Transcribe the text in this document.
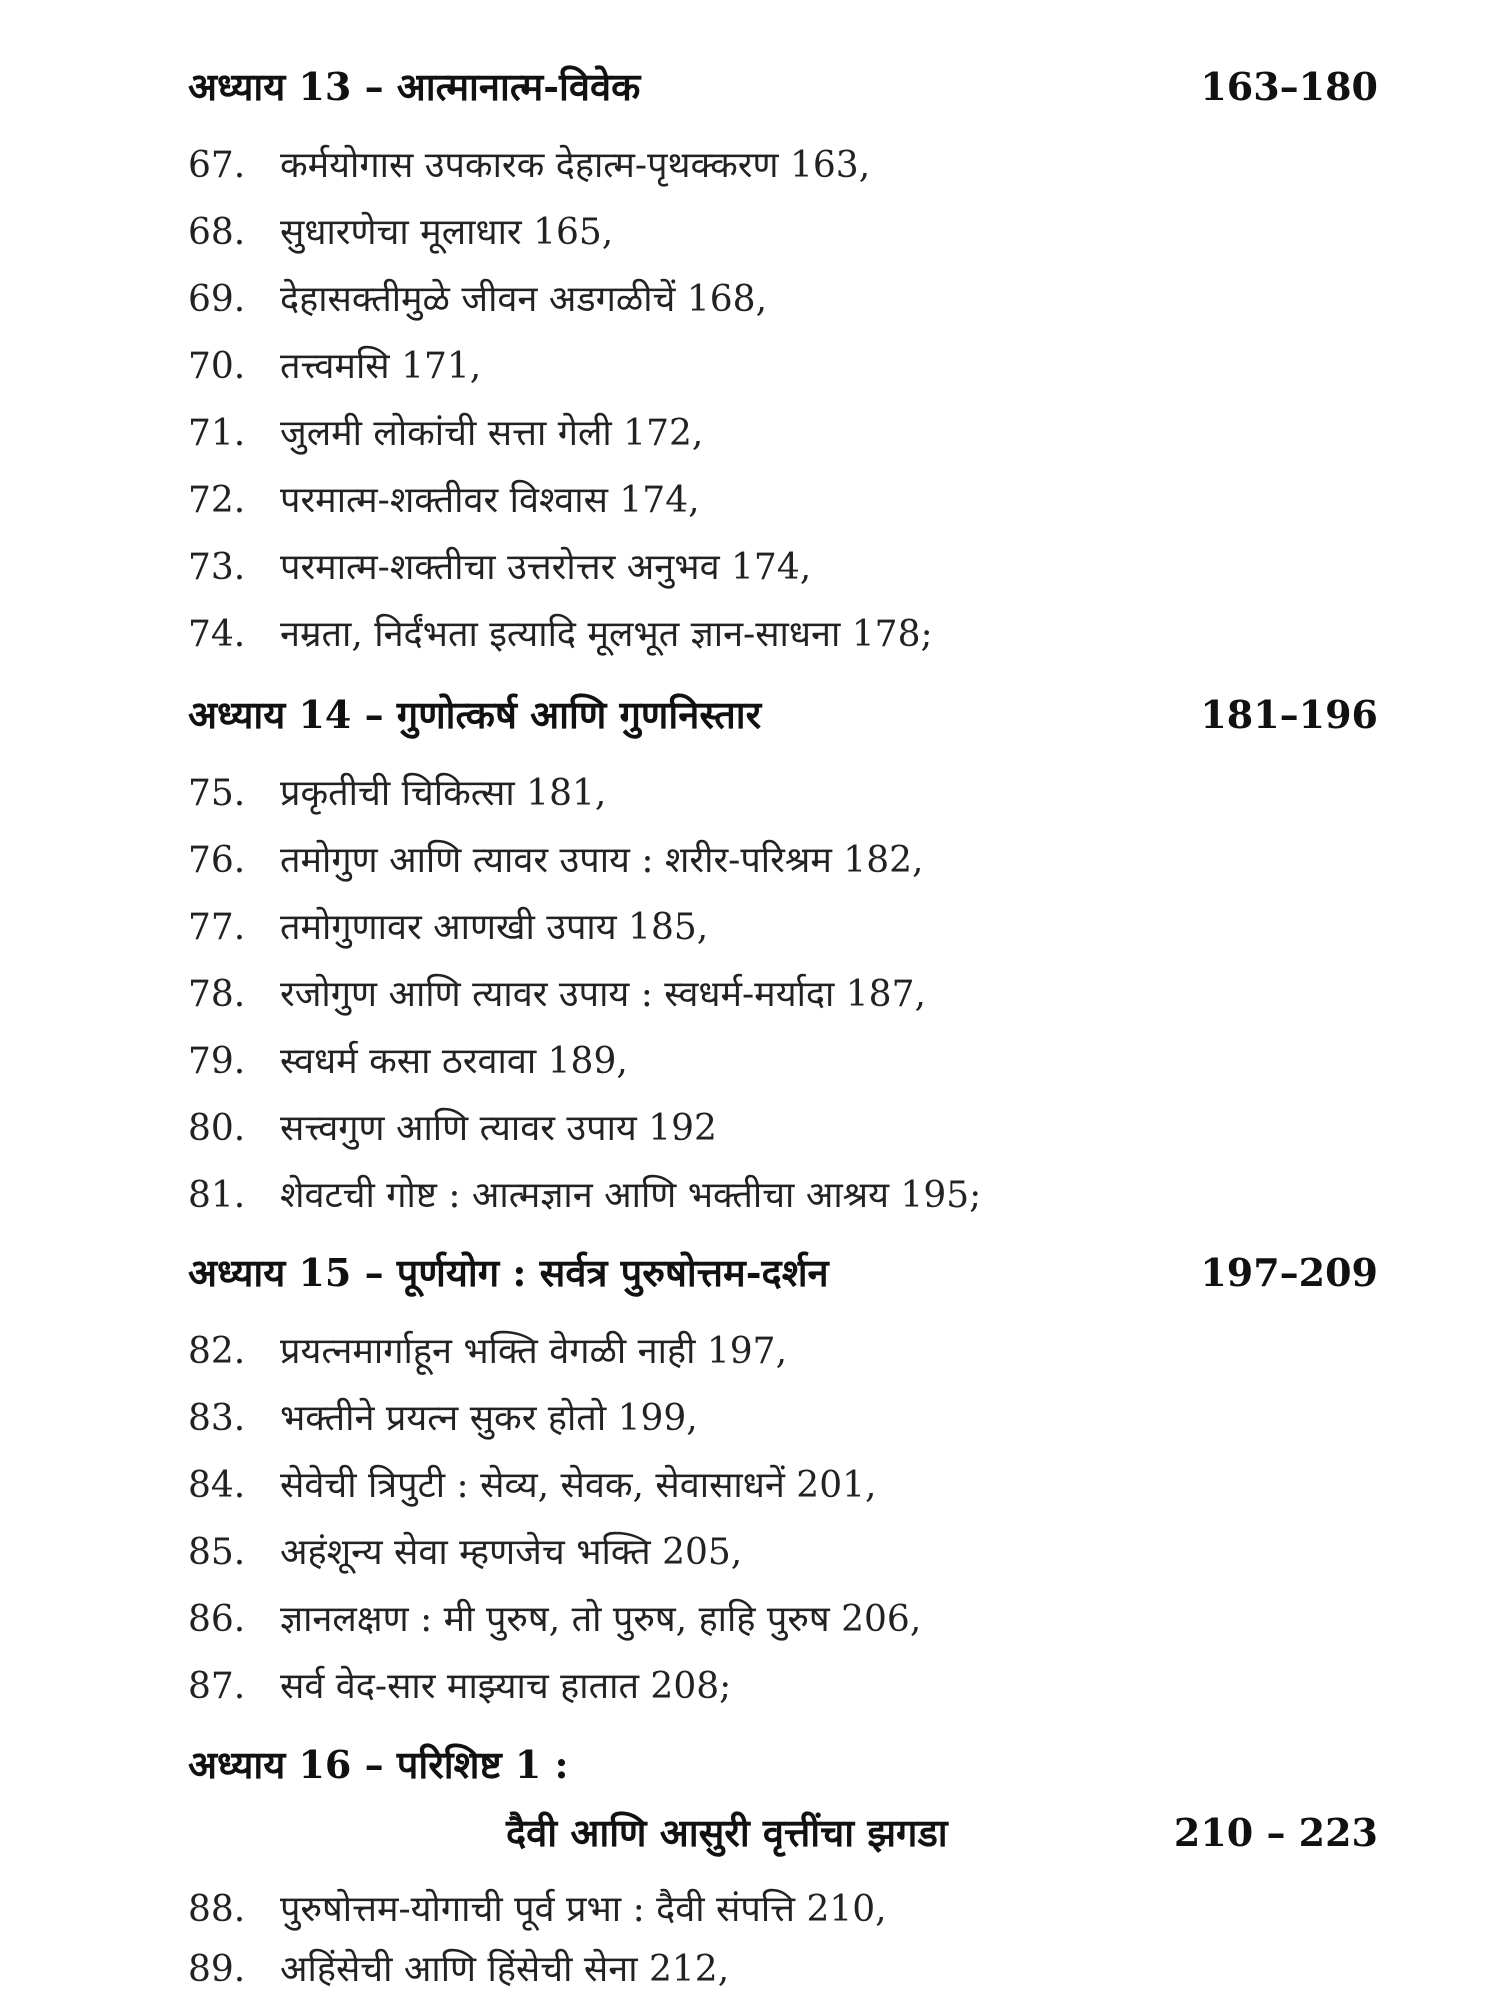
अध्याय 13 – आत्मानात्म-विवेक	163–180
67. कर्मयोगास उपकारक देहात्म-पृथक्करण 163,
68. सुधारणेचा मूलाधार 165,
69. देहासक्तीमुळे जीवन अडगळीचें 168,
70. तत्त्वमसि 171,
71. जुलमी लोकांची सत्ता गेली 172,
72. परमात्म-शक्तीवर विश्वास 174,
73. परमात्म-शक्तीचा उत्तरोत्तर अनुभव 174,
74. नम्रता, निर्दंभता इत्यादि मूलभूत ज्ञान-साधना 178;
अध्याय 14 – गुणोत्कर्ष आणि गुणनिस्तार	181–196
75. प्रकृतीची चिकित्सा 181,
76. तमोगुण आणि त्यावर उपाय : शरीर-परिश्रम 182,
77. तमोगुणावर आणखी उपाय 185,
78. रजोगुण आणि त्यावर उपाय : स्वधर्म-मर्यादा 187,
79. स्वधर्म कसा ठरवावा 189,
80. सत्त्वगुण आणि त्यावर उपाय 192
81. शेवटची गोष्ट : आत्मज्ञान आणि भक्तीचा आश्रय 195;
अध्याय 15 – पूर्णयोग : सर्वत्र पुरुषोत्तम-दर्शन	197–209
82. प्रयत्नमार्गाहून भक्ति वेगळी नाही 197,
83. भक्तीने प्रयत्न सुकर होतो 199,
84. सेवेची त्रिपुटी : सेव्य, सेवक, सेवासाधनें 201,
85. अहंशून्य सेवा म्हणजेच भक्ति 205,
86. ज्ञानलक्षण : मी पुरुष, तो पुरुष, हाहि पुरुष 206,
87. सर्व वेद-सार माझ्याच हातात 208;
अध्याय 16 – परिशिष्ट 1 :
दैवी आणि आसुरी वृत्तींचा झगडा	210 – 223
88. पुरुषोत्तम-योगाची पूर्व प्रभा : दैवी संपत्ति 210,
89. अहिंसेची आणि हिंसेची सेना 212,
